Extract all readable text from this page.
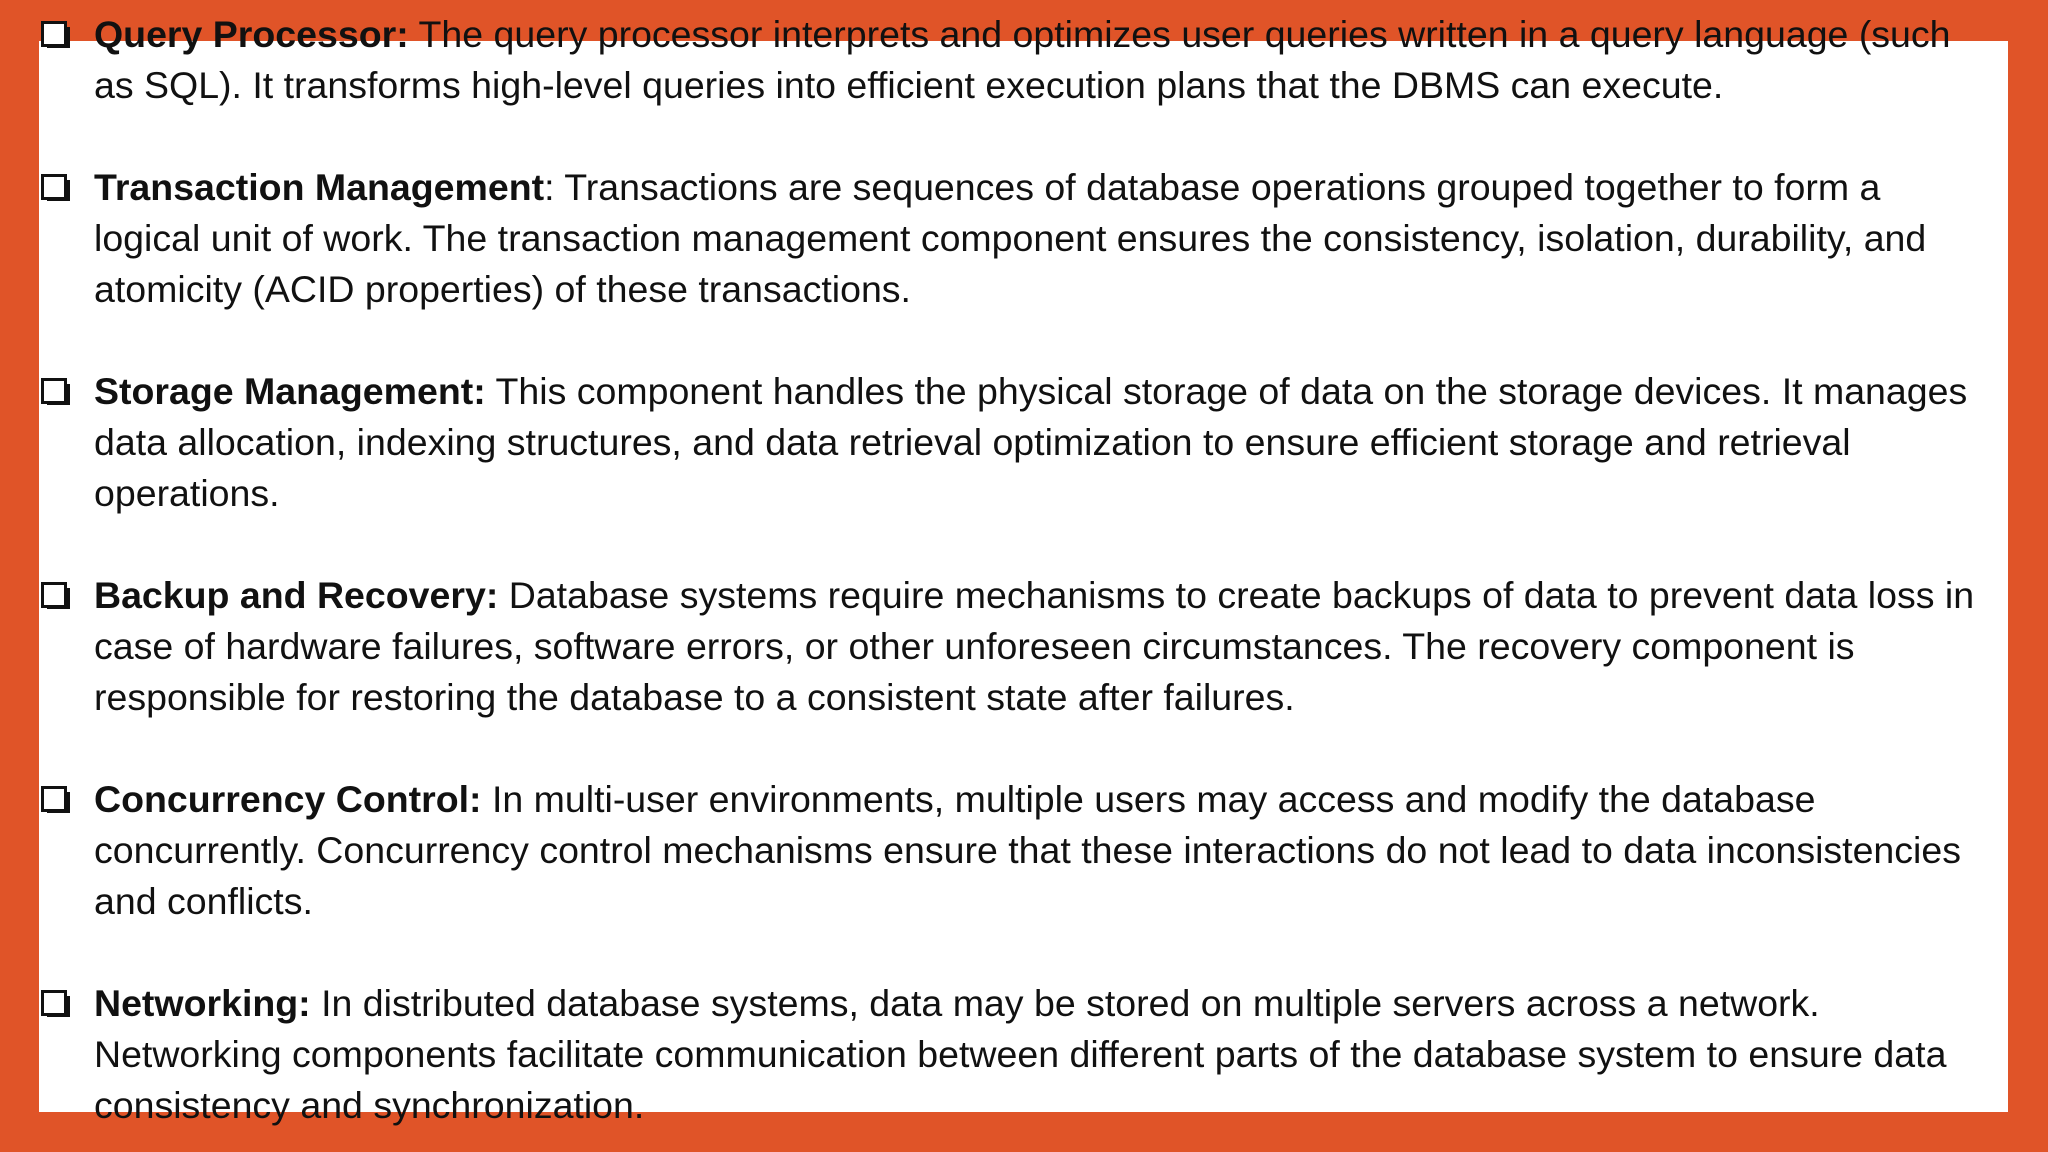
Query Processor: The query processor interprets and optimizes user queries written in a query language (such as SQL). It transforms high-level queries into efficient execution plans that the DBMS can execute.
Transaction Management: Transactions are sequences of database operations grouped together to form a logical unit of work. The transaction management component ensures the consistency, isolation, durability, and atomicity (ACID properties) of these transactions.
Storage Management: This component handles the physical storage of data on the storage devices. It manages data allocation, indexing structures, and data retrieval optimization to ensure efficient storage and retrieval operations.
Backup and Recovery: Database systems require mechanisms to create backups of data to prevent data loss in case of hardware failures, software errors, or other unforeseen circumstances. The recovery component is responsible for restoring the database to a consistent state after failures.
Concurrency Control: In multi-user environments, multiple users may access and modify the database concurrently. Concurrency control mechanisms ensure that these interactions do not lead to data inconsistencies and conflicts.
Networking: In distributed database systems, data may be stored on multiple servers across a network. Networking components facilitate communication between different parts of the database system to ensure data consistency and synchronization.
